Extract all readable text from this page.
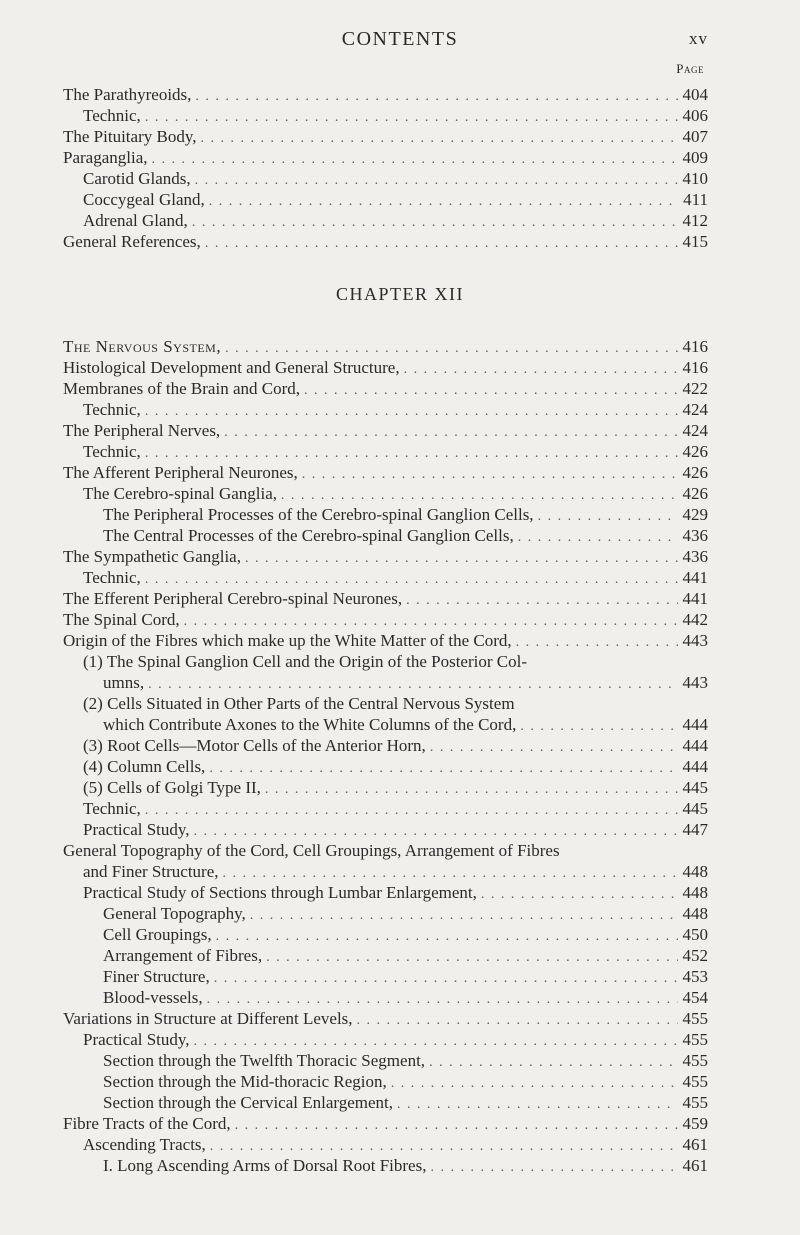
CONTENTS	xv
Page
CHAPTER XII
The Parathyreoids, . . .	404
Technic, . . .	406
The Pituitary Body, . . .	407
Paraganglia, . . .	409
Carotid Glands, . . .	410
Coccygeal Gland, . . .	411
Adrenal Gland, . . .	412
General References, . . .	415
The Nervous System, . . .	416
Histological Development and General Structure, . . .	416
Membranes of the Brain and Cord, . . .	422
Technic, . . .	424
The Peripheral Nerves, . . .	424
Technic, . . .	426
The Afferent Peripheral Neurones, . . .	426
The Cerebro-spinal Ganglia, . . .	426
The Peripheral Processes of the Cerebro-spinal Ganglion Cells, . . .	429
The Central Processes of the Cerebro-spinal Ganglion Cells, . . .	436
The Sympathetic Ganglia, . . .	436
Technic, . . .	441
The Efferent Peripheral Cerebro-spinal Neurones, . . .	441
The Spinal Cord, . . .	442
Origin of the Fibres which make up the White Matter of the Cord, . . .	443
(1) The Spinal Ganglion Cell and the Origin of the Posterior Col-
umns, . . .	443
(2) Cells Situated in Other Parts of the Central Nervous System
which Contribute Axones to the White Columns of the Cord, . . .	444
(3) Root Cells—Motor Cells of the Anterior Horn, . . .	444
(4) Column Cells, . . .	444
(5) Cells of Golgi Type II, . . .	445
Technic, . . .	445
Practical Study, . . .	447
General Topography of the Cord, Cell Groupings, Arrangement of Fibres
and Finer Structure, . . .	448
Practical Study of Sections through Lumbar Enlargement, . . .	448
General Topography, . . .	448
Cell Groupings, . . .	450
Arrangement of Fibres, . . .	452
Finer Structure, . . .	453
Blood-vessels, . . .	454
Variations in Structure at Different Levels, . . .	455
Practical Study, . . .	455
Section through the Twelfth Thoracic Segment, . . .	455
Section through the Mid-thoracic Region, . . .	455
Section through the Cervical Enlargement, . . .	455
Fibre Tracts of the Cord, . . .	459
Ascending Tracts, . . .	461
I. Long Ascending Arms of Dorsal Root Fibres, . . .	461
